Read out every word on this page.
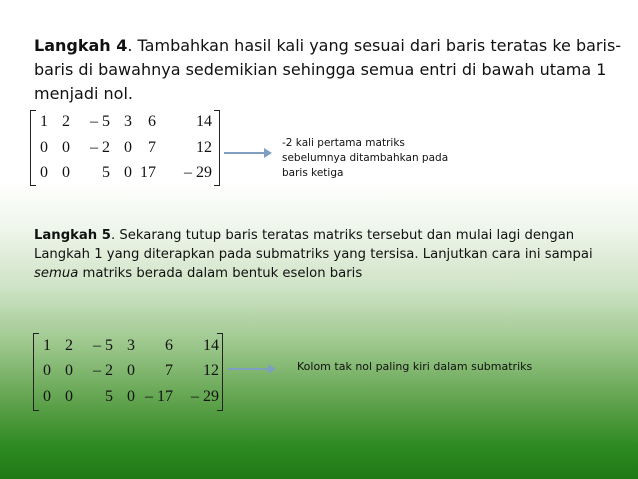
Langkah 4. Tambahkan hasil kali yang sesuai dari baris teratas ke baris-baris di bawahnya sedemikian sehingga semua entri di bawah utama 1 menjadi nol.
1 2 – 5 3 6	14
0 0 – 2 0 7	12
0 0 5 0 17 – 29
-2 kali pertama matriks
sebelumnya ditambahkan pada
baris ketiga
Langkah 5. Sekarang tutup baris teratas matriks tersebut dan mulai lagi dengan Langkah 1 yang diterapkan pada submatriks yang tersisa. Lanjutkan cara ini sampai semua matriks berada dalam bentuk eselon baris
1 2 – 5 3 6 14
0 0 – 2 0 7 12
0 0 5 0 – 17 – 29
Kolom tak nol paling kiri dalam submatriks
